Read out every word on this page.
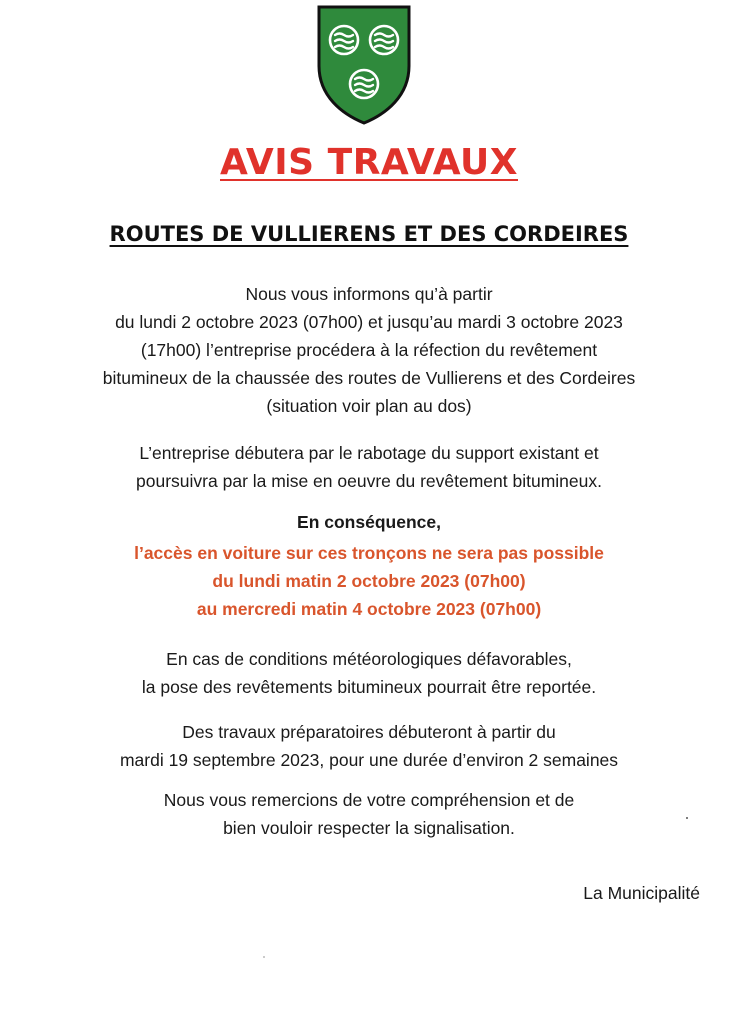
AVIS TRAVAUX
ROUTES DE VULLIERENS ET DES CORDEIRES
Nous vous informons qu’à partir
du lundi 2 octobre 2023 (07h00) et jusqu’au mardi 3 octobre 2023
(17h00) l’entreprise procédera à la réfection du revêtement
bitumineux de la chaussée des routes de Vullierens et des Cordeires
(situation voir plan au dos)
L’entreprise débutera par le rabotage du support existant et
poursuivra par la mise en oeuvre du revêtement bitumineux.
En conséquence,
l’accès en voiture sur ces tronçons ne sera pas possible
du lundi matin 2 octobre 2023 (07h00)
au mercredi matin 4 octobre 2023 (07h00)
En cas de conditions météorologiques défavorables,
la pose des revêtements bitumineux pourrait être reportée.
Des travaux préparatoires débuteront à partir du
mardi 19 septembre 2023, pour une durée d’environ 2 semaines
Nous vous remercions de votre compréhension et de
bien vouloir respecter la signalisation.
La Municipalité
